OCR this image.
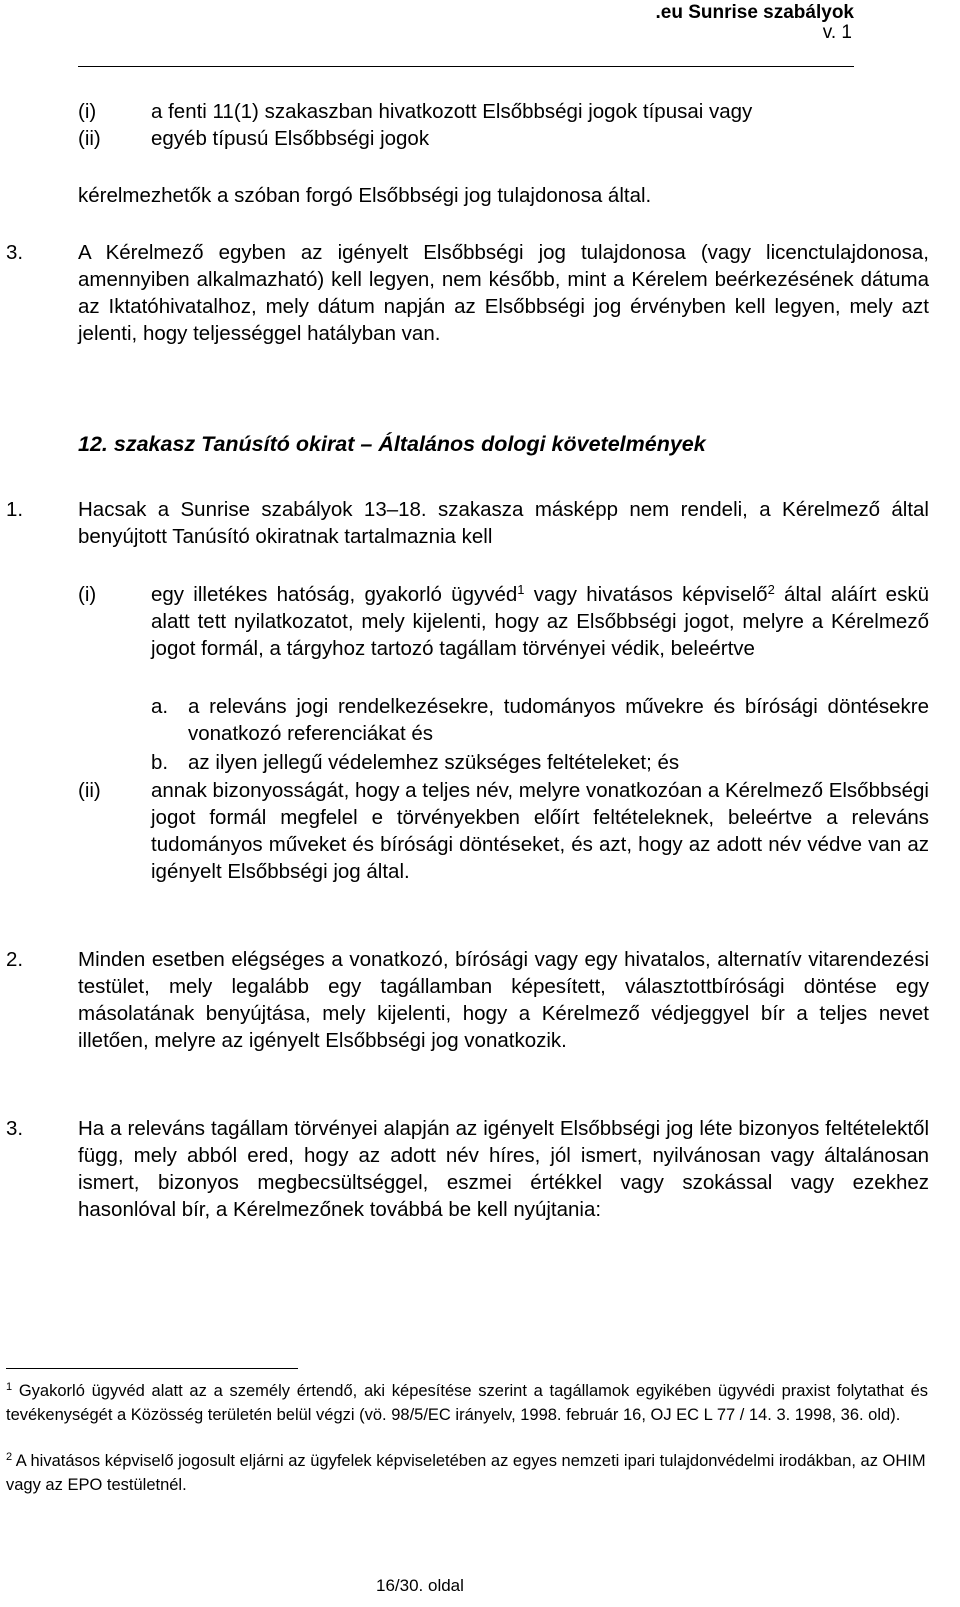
.eu Sunrise szabályok
v. 1
(i)	a fenti 11(1) szakaszban hivatkozott Elsőbbségi jogok típusai vagy
(ii)	egyéb típusú Elsőbbségi jogok
kérelmezhetők a szóban forgó Elsőbbségi jog tulajdonosa által.
3.	A Kérelmező egyben az igényelt Elsőbbségi jog tulajdonosa (vagy licenctulajdonosa, amennyiben alkalmazható) kell legyen, nem később, mint a Kérelem beérkezésének dátuma az Iktatóhivatalhoz, mely dátum napján az Elsőbbségi jog érvényben kell legyen, mely azt jelenti, hogy teljességgel hatályban van.
12. szakasz Tanúsító okirat – Általános dologi követelmények
1.	Hacsak a Sunrise szabályok 13–18. szakasza másképp nem rendeli, a Kérelmező által benyújtott Tanúsító okiratnak tartalmaznia kell
(i)	egy illetékes hatóság, gyakorló ügyvéd$^1$ vagy hivatásos képviselő$^2$ által aláírt eskü alatt tett nyilatkozatot, mely kijelenti, hogy az Elsőbbségi jogot, melyre a Kérelmező jogot formál, a tárgyhoz tartozó tagállam törvényei védik, beleértve
a. a releváns jogi rendelkezésekre, tudományos művekre és bírósági döntésekre vonatkozó referenciákat és
b. az ilyen jellegű védelemhez szükséges feltételeket; és
(ii)	annak bizonyosságát, hogy a teljes név, melyre vonatkozóan a Kérelmező Elsőbbségi jogot formál megfelel e törvényekben előírt feltételeknek, beleértve a releváns tudományos műveket és bírósági döntéseket, és azt, hogy az adott név védve van az igényelt Elsőbbségi jog által.
2.	Minden esetben elégséges a vonatkozó, bírósági vagy egy hivatalos, alternatív vitarendezési testület, mely legalább egy tagállamban képesített, választottbírósági döntése egy másolatának benyújtása, mely kijelenti, hogy a Kérelmező védjeggyel bír a teljes nevet illetően, melyre az igényelt Elsőbbségi jog vonatkozik.
3.	Ha a releváns tagállam törvényei alapján az igényelt Elsőbbségi jog léte bizonyos feltételektől függ, mely abból ered, hogy az adott név híres, jól ismert, nyilvánosan vagy általánosan ismert, bizonyos megbecsültséggel, eszmei értékkel vagy szokással vagy ezekhez hasonlóval bír, a Kérelmezőnek továbbá be kell nyújtania:
$^1$ Gyakorló ügyvéd alatt az a személy értendő, aki képesítése szerint a tagállamok egyikében ügyvédi praxist folytathat és tevékenységét a Közösség területén belül végzi (vö. 98/5/EC irányelv, 1998. február 16, OJ EC L 77 / 14. 3. 1998, 36. old).
$^2$ A hivatásos képviselő jogosult eljárni az ügyfelek képviseletében az egyes nemzeti ipari tulajdonvédelmi irodákban, az OHIM vagy az EPO testületnél.
16/30. oldal
